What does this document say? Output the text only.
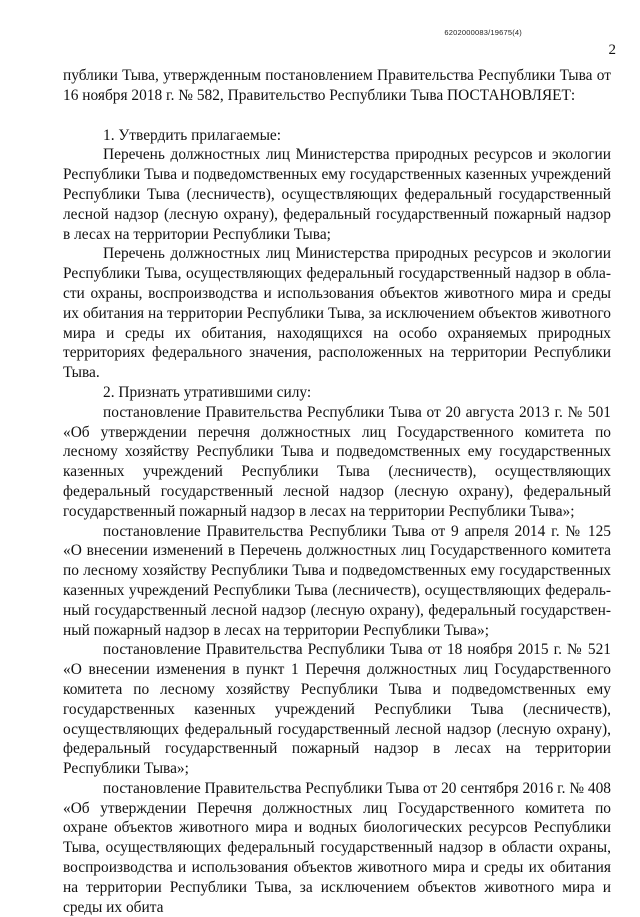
6202000083/19675(4)
2

публики Тыва, утвержденным постановлением Правительства Республики Тыва от 16 ноября 2018 г. № 582, Правительство Республики Тыва ПОСТАНОВЛЯЕТ:

1. Утвердить прилагаемые:

Перечень должностных лиц Министерства природных ресурсов и экологии Республики Тыва и подведомственных ему государственных казенных учреждений Республики Тыва (лесничеств), осуществляющих федеральный государственный лесной надзор (лесную охрану), федеральный государственный пожарный надзор в лесах на территории Республики Тыва;

Перечень должностных лиц Министерства природных ресурсов и экологии Республики Тыва, осуществляющих федеральный государственный надзор в области охраны, воспроизводства и использования объектов животного мира и среды их обитания на территории Республики Тыва, за исключением объектов животного мира и среды их обитания, находящихся на особо охраняемых природных территориях федерального значения, расположенных на территории Республики Тыва.

2. Признать утратившими силу:

постановление Правительства Республики Тыва от 20 августа 2013 г. № 501 «Об утверждении перечня должностных лиц Государственного комитета по лесному хозяйству Республики Тыва и подведомственных ему государственных казенных учреждений Республики Тыва (лесничеств), осуществляющих федеральный государственный лесной надзор (лесную охрану), федеральный государственный пожарный надзор в лесах на территории Республики Тыва»;

постановление Правительства Республики Тыва от 9 апреля 2014 г. № 125 «О внесении изменений в Перечень должностных лиц Государственного комитета по лесному хозяйству Республики Тыва и подведомственных ему государственных казенных учреждений Республики Тыва (лесничеств), осуществляющих федеральный государственный лесной надзор (лесную охрану), федеральный государственный пожарный надзор в лесах на территории Республики Тыва»;

постановление Правительства Республики Тыва от 18 ноября 2015 г. № 521 «О внесении изменения в пункт 1 Перечня должностных лиц Государственного комитета по лесному хозяйству Республики Тыва и подведомственных ему государственных казенных учреждений Республики Тыва (лесничеств), осуществляющих федеральный государственный лесной надзор (лесную охрану), федеральный государственный пожарный надзор в лесах на территории Республики Тыва»;

постановление Правительства Республики Тыва от 20 сентября 2016 г. № 408 «Об утверждении Перечня должностных лиц Государственного комитета по охране объектов животного мира и водных биологических ресурсов Республики Тыва, осуществляющих федеральный государственный надзор в области охраны, воспроизводства и использования объектов животного мира и среды их обитания на территории Республики Тыва, за исключением объектов животного мира и среды их обита
